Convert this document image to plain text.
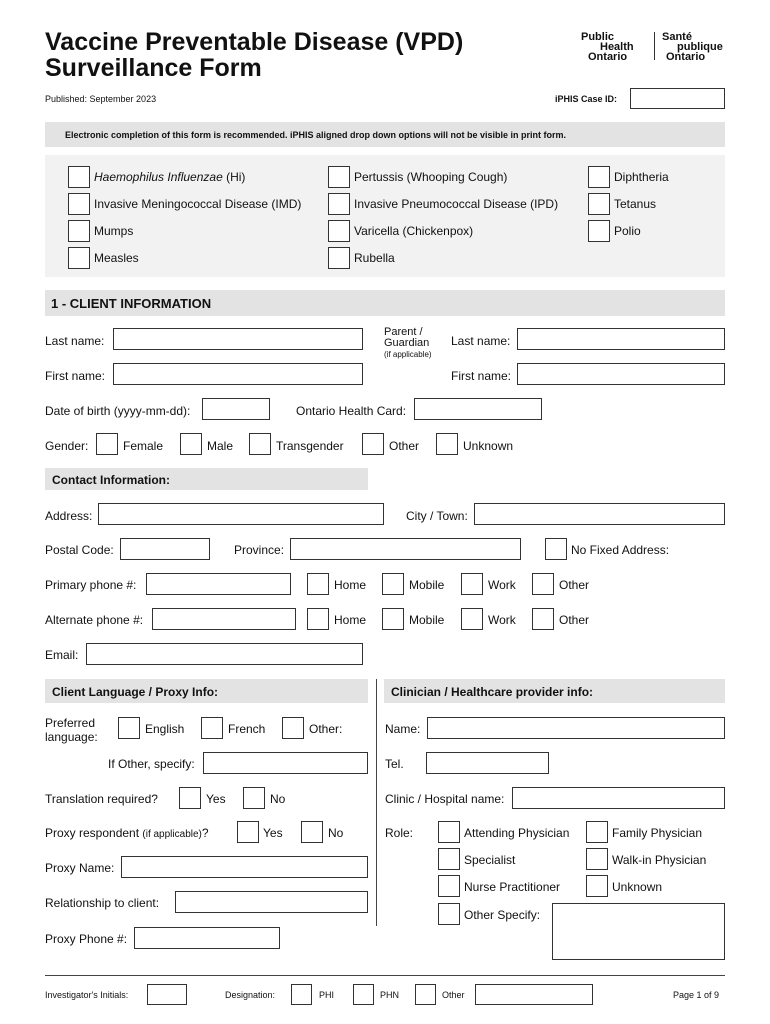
Vaccine Preventable Disease (VPD)
Surveillance Form
Public
Health
Ontario
Santé
publique
Ontario
Published: September 2023	iPHIS Case ID:
Electronic completion of this form is recommended. iPHIS aligned drop down options will not be visible in print form.
Haemophilus Influenzae (Hi)
Invasive Meningococcal Disease (IMD)
Mumps
Measles
Pertussis (Whooping Cough)
Invasive Pneumococcal Disease (IPD)
Varicella (Chickenpox)
Rubella
Diphtheria
Tetanus
Polio
1 - CLIENT INFORMATION
Last name:
First name:
Parent /
Guardian
(if applicable)
Last name:
First name:
Date of birth (yyyy-mm-dd):	Ontario Health Card:
Gender:	Female	Male	Transgender	Other	Unknown
Contact Information:
Address:	City / Town:
Postal Code:	Province:	No Fixed Address:
Primary phone #:	Home	Mobile	Work	Other
Alternate phone #:	Home	Mobile	Work	Other
Email:
Client Language / Proxy Info:
Preferred
language:
English	French	Other:
If Other, specify:
Translation required?	Yes	No
Proxy respondent (if applicable)?	Yes	No
Proxy Name:
Relationship to client:
Proxy Phone #:
Clinician / Healthcare provider info:
Name:
Tel.
Clinic / Hospital name:
Role:	Attending Physician	Family Physician
Specialist	Walk-in Physician
Nurse Practitioner	Unknown
Other Specify:
Investigator's Initials:	Designation:	PHI	PHN	Other	Page 1 of 9
